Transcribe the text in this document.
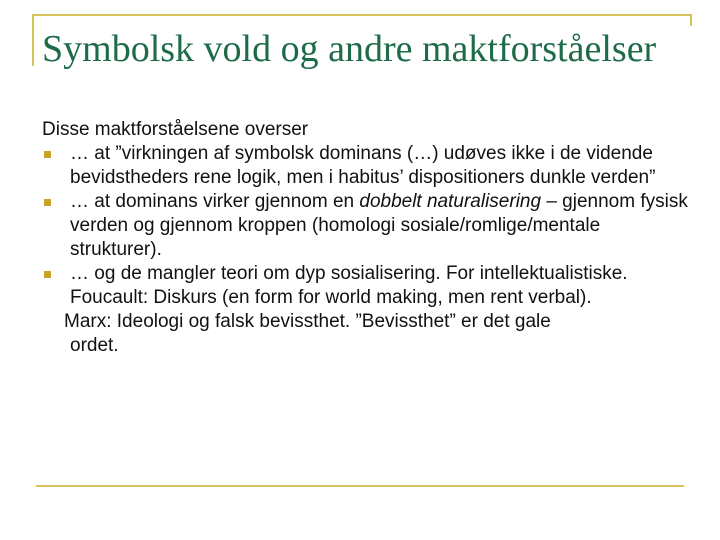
Symbolsk vold og andre maktforståelser

Disse maktforståelsene overser

… at ”virkningen af symbolsk dominans (…) udøves ikke i de vidende bevidstheders rene logik, men i habitus’ dispositioners dunkle verden”
… at dominans virker gjennom en dobbelt naturalisering – gjennom fysisk verden og gjennom kroppen (homologi sosiale/romlige/mentale strukturer).
… og de mangler teori om dyp sosialisering. For intellektualistiske. Foucault: Diskurs (en form for world making, men rent verbal).

Marx: Ideologi og falsk bevissthet. ”Bevissthet” er det gale
ordet.
